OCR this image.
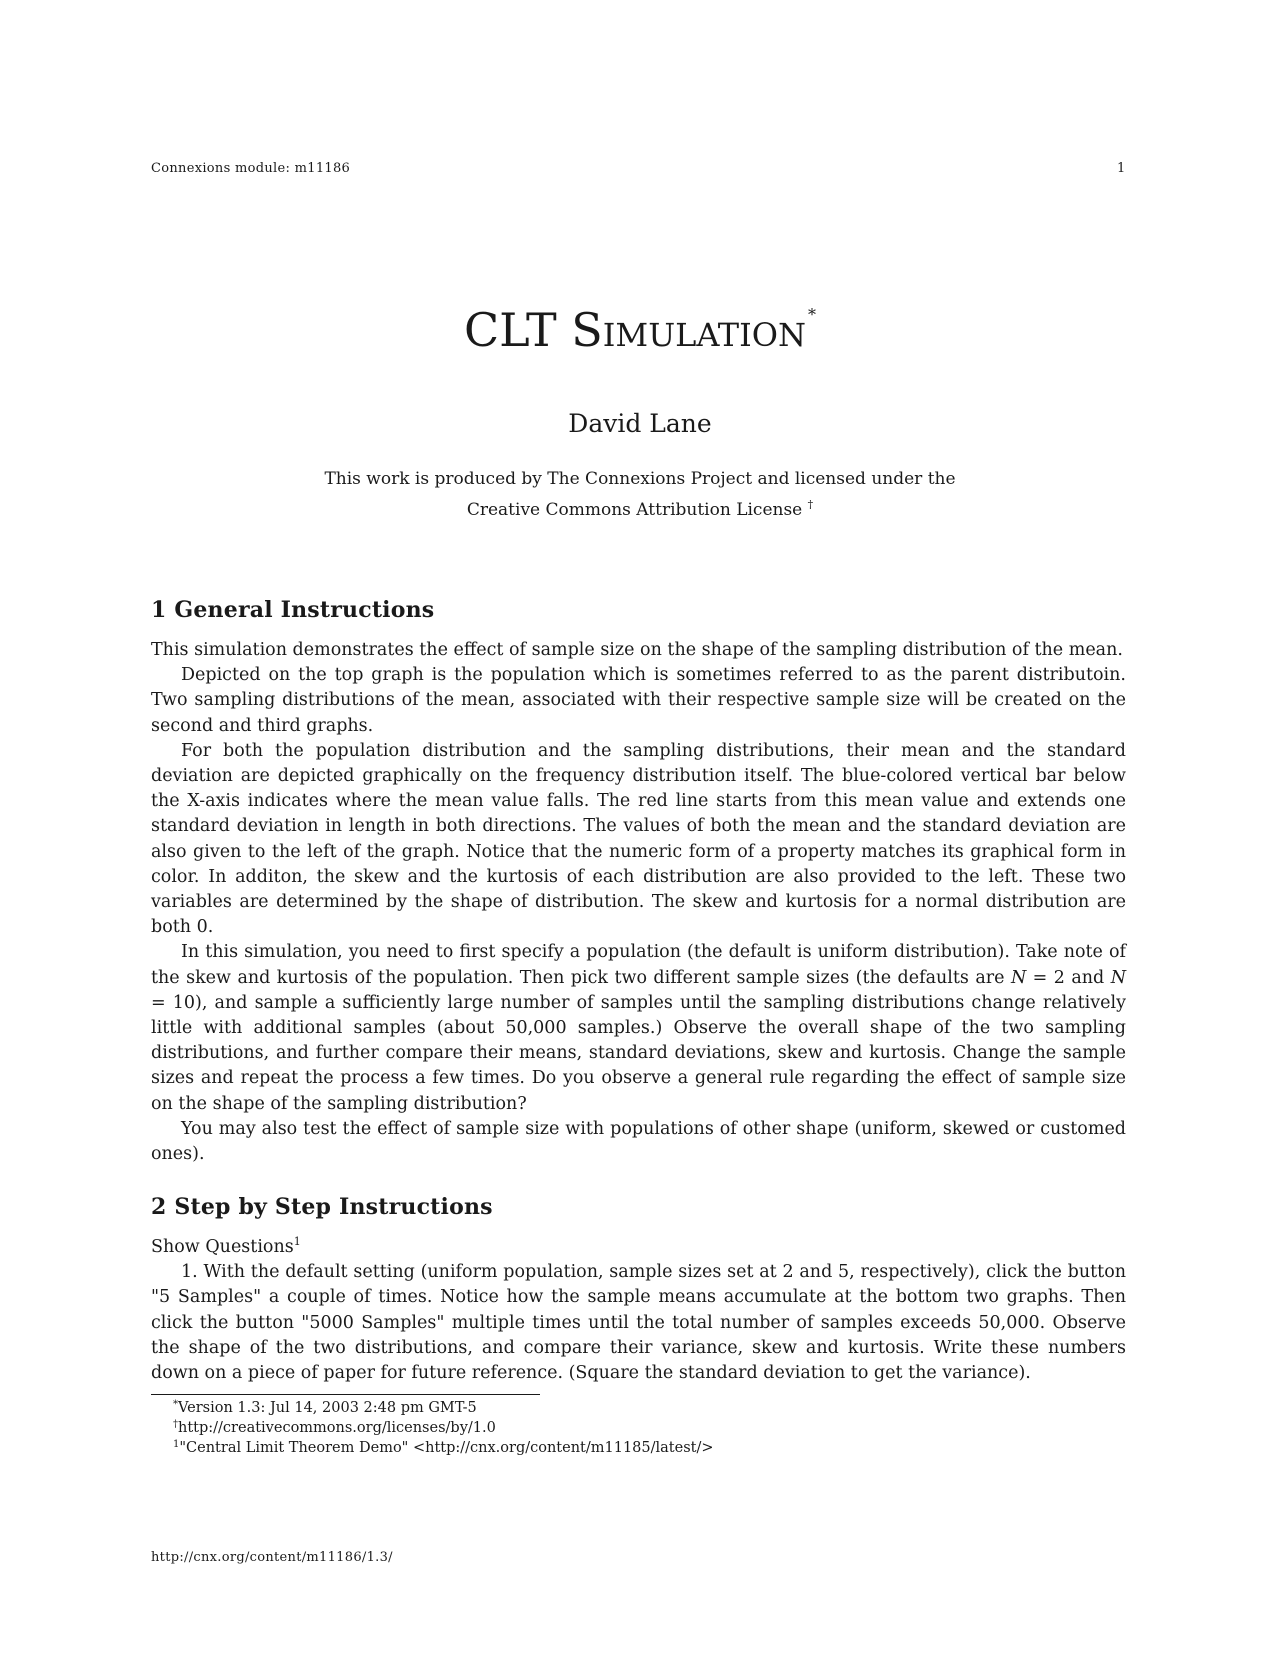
Connexions module: m11186	1
CLT Simulation *
David Lane
This work is produced by The Connexions Project and licensed under the
Creative Commons Attribution License †
1 General Instructions

This simulation demonstrates the effect of sample size on the shape of the sampling distribution of the mean.

Depicted on the top graph is the population which is sometimes referred to as the parent distributoin. Two sampling distributions of the mean, associated with their respective sample size will be created on the second and third graphs.

For both the population distribution and the sampling distributions, their mean and the standard deviation are depicted graphically on the frequency distribution itself. The blue-colored vertical bar below the X-axis indicates where the mean value falls. The red line starts from this mean value and extends one standard deviation in length in both directions. The values of both the mean and the standard deviation are also given to the left of the graph. Notice that the numeric form of a property matches its graphical form in color. In additon, the skew and the kurtosis of each distribution are also provided to the left. These two variables are determined by the shape of distribution. The skew and kurtosis for a normal distribution are both 0.

In this simulation, you need to first specify a population (the default is uniform distribution). Take note of the skew and kurtosis of the population. Then pick two different sample sizes (the defaults are N = 2 and N = 10), and sample a sufficiently large number of samples until the sampling distributions change relatively little with additional samples (about 50,000 samples.) Observe the overall shape of the two sampling distributions, and further compare their means, standard deviations, skew and kurtosis. Change the sample sizes and repeat the process a few times. Do you observe a general rule regarding the effect of sample size on the shape of the sampling distribution?

You may also test the effect of sample size with populations of other shape (uniform, skewed or customed ones).

2 Step by Step Instructions

Show Questions$^1$

1. With the default setting (uniform population, sample sizes set at 2 and 5, respectively), click the button "5 Samples" a couple of times. Notice how the sample means accumulate at the bottom two graphs. Then click the button "5000 Samples" multiple times until the total number of samples exceeds 50,000. Observe the shape of the two distributions, and compare their variance, skew and kurtosis. Write these numbers down on a piece of paper for future reference. (Square the standard deviation to get the variance).

*Version 1.3: Jul 14, 2003 2:48 pm GMT-5
†http://creativecommons.org/licenses/by/1.0
$^1$"Central Limit Theorem Demo" <http://cnx.org/content/m11185/latest/>
http://cnx.org/content/m11186/1.3/
